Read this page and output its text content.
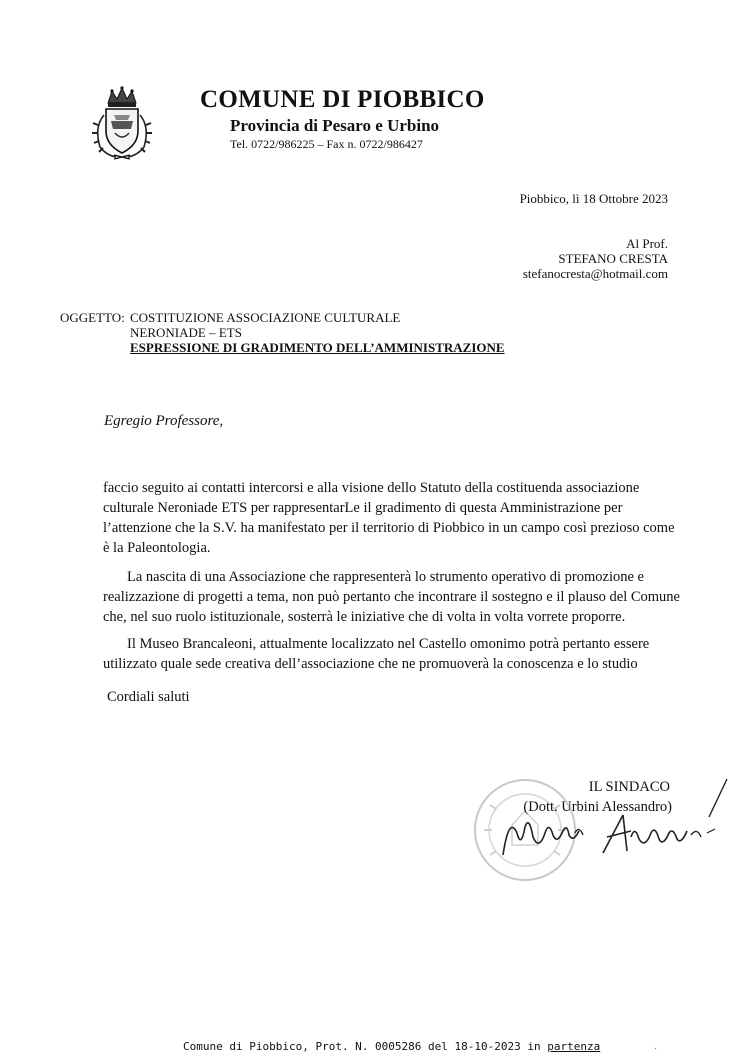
COMUNE DI PIOBBICO
Provincia di Pesaro e Urbino
Tel. 0722/986225 – Fax n. 0722/986427
Piobbico, lì 18 Ottobre 2023
Al Prof.
STEFANO CRESTA
stefanocresta@hotmail.com
OGGETTO: COSTITUZIONE ASSOCIAZIONE CULTURALE
NERONIADE – ETS
ESPRESSIONE DI GRADIMENTO DELL’AMMINISTRAZIONE
Egregio Professore,
faccio seguito ai contatti intercorsi e alla visione dello Statuto della costituenda associazione
culturale Neroniade ETS per rappresentarLe il gradimento di questa Amministrazione per
l’attenzione che la S.V. ha manifestato per il territorio di Piobbico in un campo così prezioso come
è la Paleontologia.
La nascita di una Associazione che rappresenterà lo strumento operativo di promozione e
realizzazione di progetti a tema, non può pertanto che incontrare il sostegno e il plauso del Comune
che, nel suo ruolo istituzionale, sosterrà le iniziative che di volta in volta vorrete proporre.
Il Museo Brancaleoni, attualmente localizzato nel Castello omonimo potrà pertanto essere
utilizzato quale sede creativa dell’associazione che ne promuoverà la conoscenza e lo studio
Cordiali saluti
IL SINDACO
(Dott. Urbini Alessandro)
Comune di Piobbico, Prot. N. 0005286 del 18-10-2023 in partenza	·
